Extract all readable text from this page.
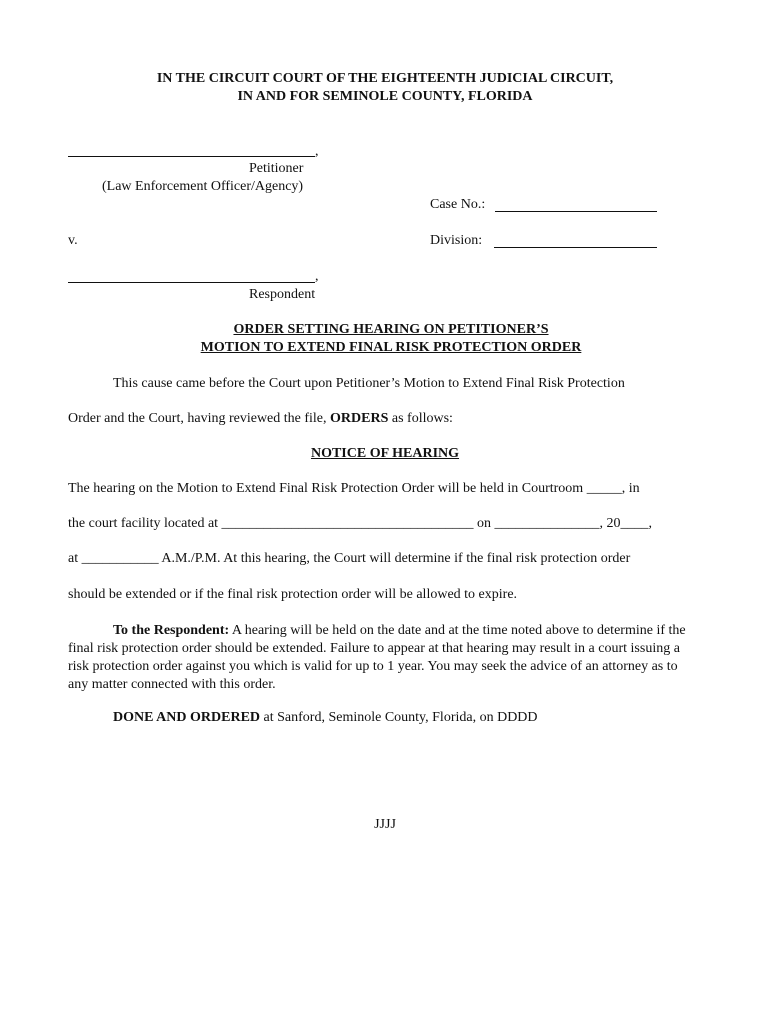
IN THE CIRCUIT COURT OF THE EIGHTEENTH JUDICIAL CIRCUIT,
IN AND FOR SEMINOLE COUNTY, FLORIDA
,
Petitioner
(Law Enforcement Officer/Agency)
Case No.:
v.	Division:
,
Respondent
ORDER SETTING HEARING ON PETITIONER’S
MOTION TO EXTEND FINAL RISK PROTECTION ORDER
This cause came before the Court upon Petitioner’s Motion to Extend Final Risk Protection
Order and the Court, having reviewed the file, ORDERS as follows:
NOTICE OF HEARING
The hearing on the Motion to Extend Final Risk Protection Order will be held in Courtroom _____, in
the court facility located at ____________________________________ on _______________, 20____,
at ___________ A.M./P.M. At this hearing, the Court will determine if the final risk protection order
should be extended or if the final risk protection order will be allowed to expire.
To the Respondent: A hearing will be held on the date and at the time noted above to determine if the final risk protection order should be extended. Failure to appear at that hearing may result in a court issuing a risk protection order against you which is valid for up to 1 year. You may seek the advice of an attorney as to any matter connected with this order.
DONE AND ORDERED at Sanford, Seminole County, Florida, on DDDD
JJJJ
